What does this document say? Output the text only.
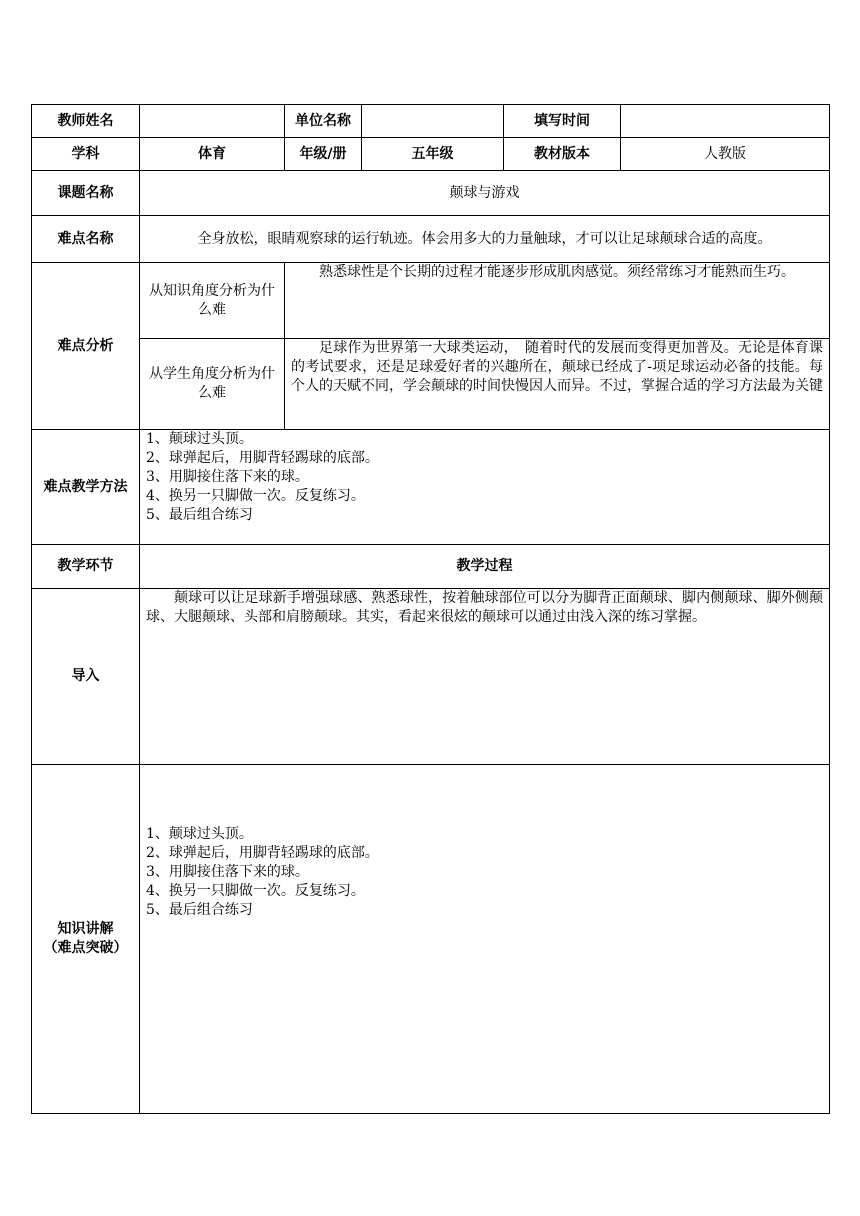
教师姓名		单位名称		填写时间	
学科	体育	年级/册	五年级	教材版本	人教版
课题名称	颠球与游戏				
难点名称	全身放松，眼睛观察球的运行轨迹。体会用多大的力量触球，才可以让足球颠球合适的高度。				
难点分析	从知识角度分析为什么难	熟悉球性是个长期的过程才能逐步形成肌肉感觉。须经常练习才能熟而生巧。			

	从学生角度分析为什么难	足球作为世界第一大球类运动，　随着时代的发展而变得更加普及。无论是体育课的考试要求，还是足球爱好者的兴趣所在，颠球已经成了-项足球运动必备的技能。每个人的天赋不同，学会颠球的时间快慢因人而异。不过，掌握合适的学习方法最为关键			

难点教学方法	1、颠球过头顶。
2、球弹起后，用脚背轻踢球的底部。
3、用脚接住落下来的球。
4、换另一只脚做一次。反复练习。
5、最后组合练习				

教学环节	教学过程				
导入	颠球可以让足球新手增强球感、熟悉球性，按着触球部位可以分为脚背正面颠球、脚内侧颠球、脚外侧颠球、大腿颠球、头部和肩膀颠球。其实，看起来很炫的颠球可以通过由浅入深的练习掌握。				

知识讲解
（难点突破）	1、颠球过头顶。
2、球弹起后，用脚背轻踢球的底部。
3、用脚接住落下来的球。
4、换另一只脚做一次。反复练习。
5、最后组合练习				
